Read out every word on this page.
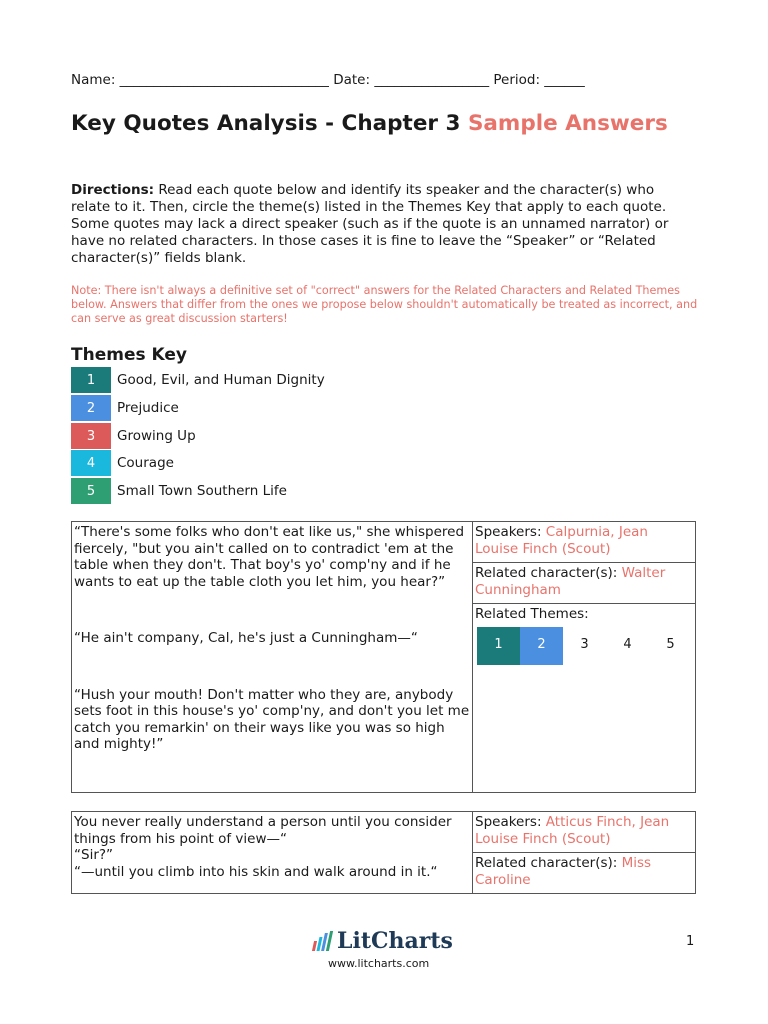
Name: _______________________________ Date: _________________ Period: ______
Key Quotes Analysis - Chapter 3 Sample Answers
Directions: Read each quote below and identify its speaker and the character(s) who relate to it. Then, circle the theme(s) listed in the Themes Key that apply to each quote. Some quotes may lack a direct speaker (such as if the quote is an unnamed narrator) or have no related characters. In those cases it is fine to leave the “Speaker” or “Related character(s)” fields blank.
Note: There isn't always a definitive set of "correct" answers for the Related Characters and Related Themes below. Answers that differ from the ones we propose below shouldn't automatically be treated as incorrect, and can serve as great discussion starters!
Themes Key
1	Good, Evil, and Human Dignity
2	Prejudice
3	Growing Up
4	Courage
5	Small Town Southern Life

“There's some folks who don't eat like us," she whispered fiercely, "but you ain't called on to contradict 'em at the table when they don't. That boy's yo' comp'ny and if he wants to eat up the table cloth you let him, you hear?”

“He ain't company, Cal, he's just a Cunningham—“

“Hush your mouth! Don't matter who they are, anybody sets foot in this house's yo' comp'ny, and don't you let me catch you remarkin' on their ways like you was so high and mighty!”

	Speakers: Calpurnia, Jean Louise Finch (Scout)
Related character(s): Walter Cunningham

Related Themes:
1	2	3	4	5

You never really understand a person until you consider things from his point of view—“

“Sir?”

“—until you climb into his skin and walk around in it.“

	Speakers: Atticus Finch, Jean Louise Finch (Scout)
Related character(s): Miss Caroline
LitCharts
www.litcharts.com
1
